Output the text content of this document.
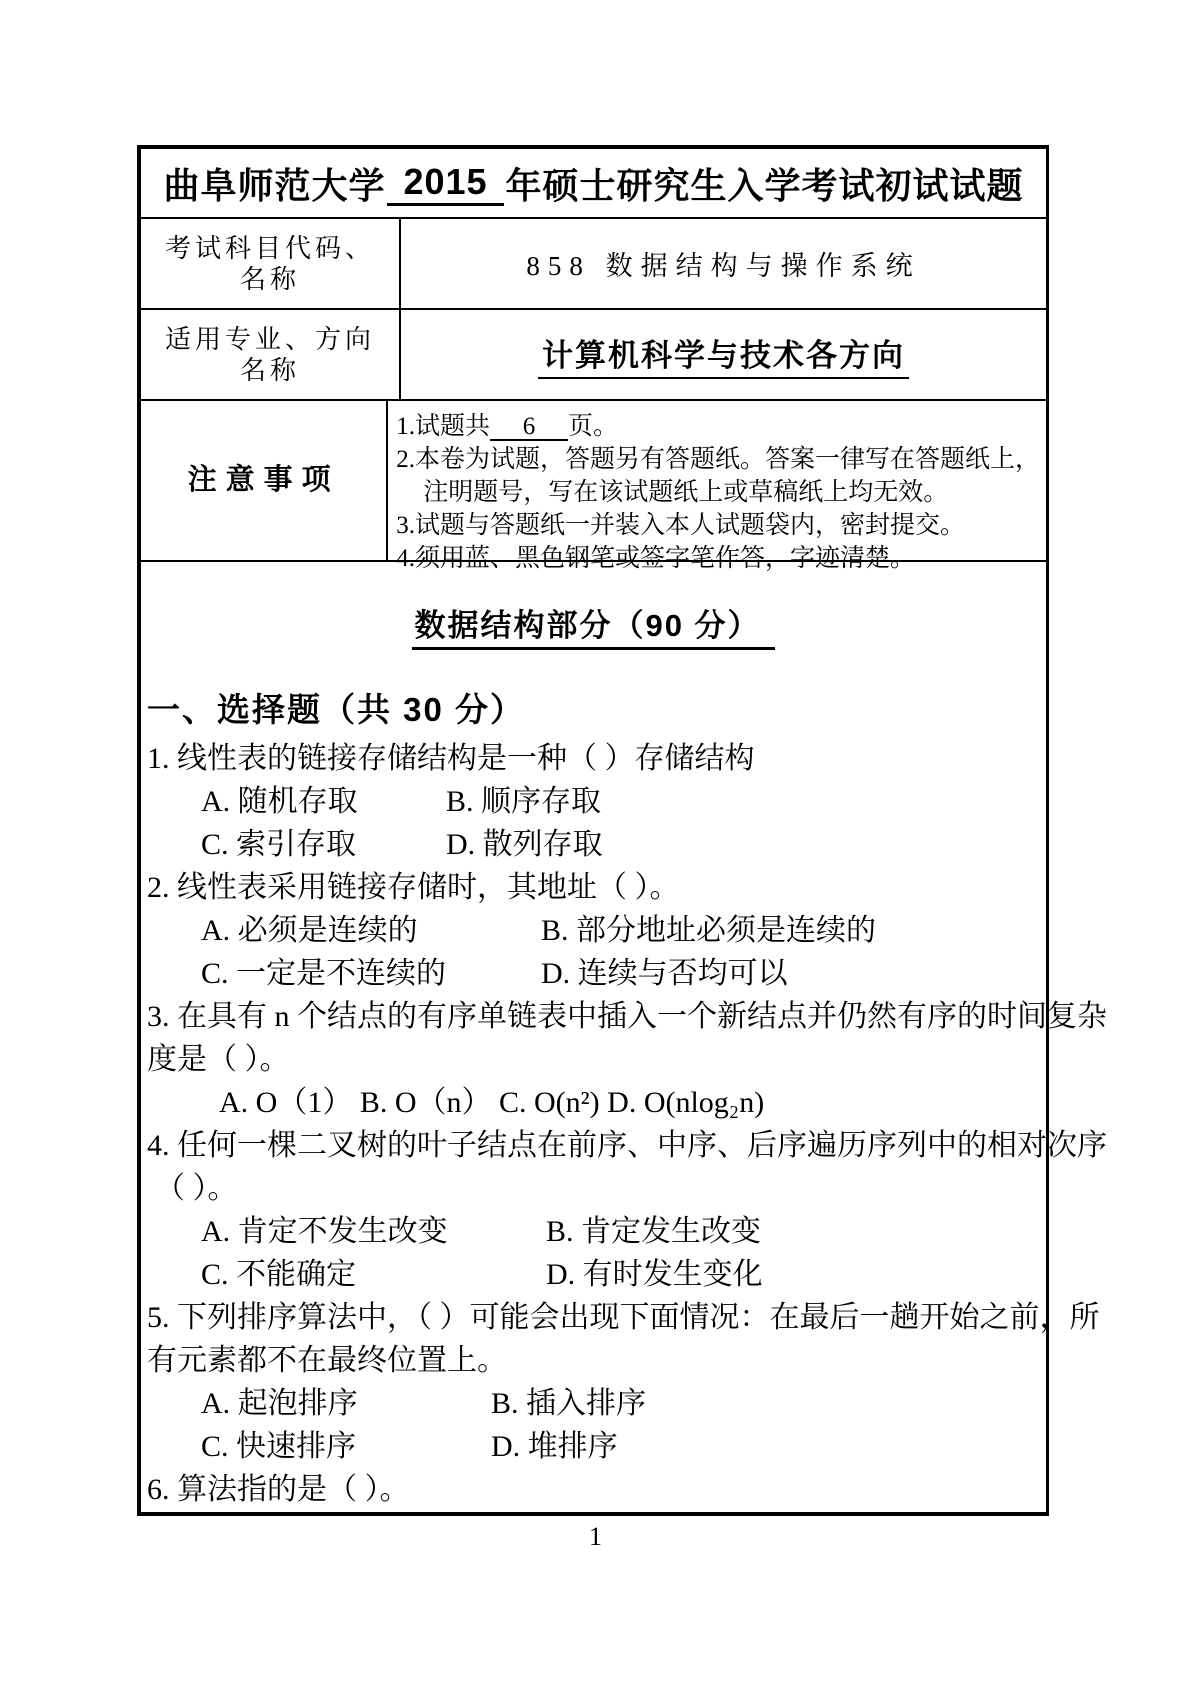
曲阜师范大学 2015 年硕士研究生入学考试初试试题
考试科目代码、
名称	858 数据结构与操作系统
适用专业、方向
名称	计算机科学与技术各方向
注意事项
1.试题共 6 页。
2.本卷为试题，答题另有答题纸。答案一律写在答题纸上，
注明题号，写在该试题纸上或草稿纸上均无效。
3.试题与答题纸一并装入本人试题袋内，密封提交。
4.须用蓝、黑色钢笔或签字笔作答，字迹清楚。
数据结构部分（90 分）
一、选择题（共 30 分）
1. 线性表的链接存储结构是一种（ ）存储结构
A. 随机存取	B. 顺序存取
C. 索引存取	D. 散列存取
2. 线性表采用链接存储时，其地址（ ）。
A. 必须是连续的	B. 部分地址必须是连续的
C. 一定是不连续的	D. 连续与否均可以
3. 在具有 n 个结点的有序单链表中插入一个新结点并仍然有序的时间复杂
度是（ ）。
A. O（1） B. O（n） C. O(n²) D. O(nlog₂n)
4. 任何一棵二叉树的叶子结点在前序、中序、后序遍历序列中的相对次序
（ ）。
A. 肯定不发生改变	B. 肯定发生改变
C. 不能确定	D. 有时发生变化
5. 下列排序算法中，（ ）可能会出现下面情况：在最后一趟开始之前，所
有元素都不在最终位置上。
A. 起泡排序	B. 插入排序
C. 快速排序	D. 堆排序
6. 算法指的是（ ）。
1
